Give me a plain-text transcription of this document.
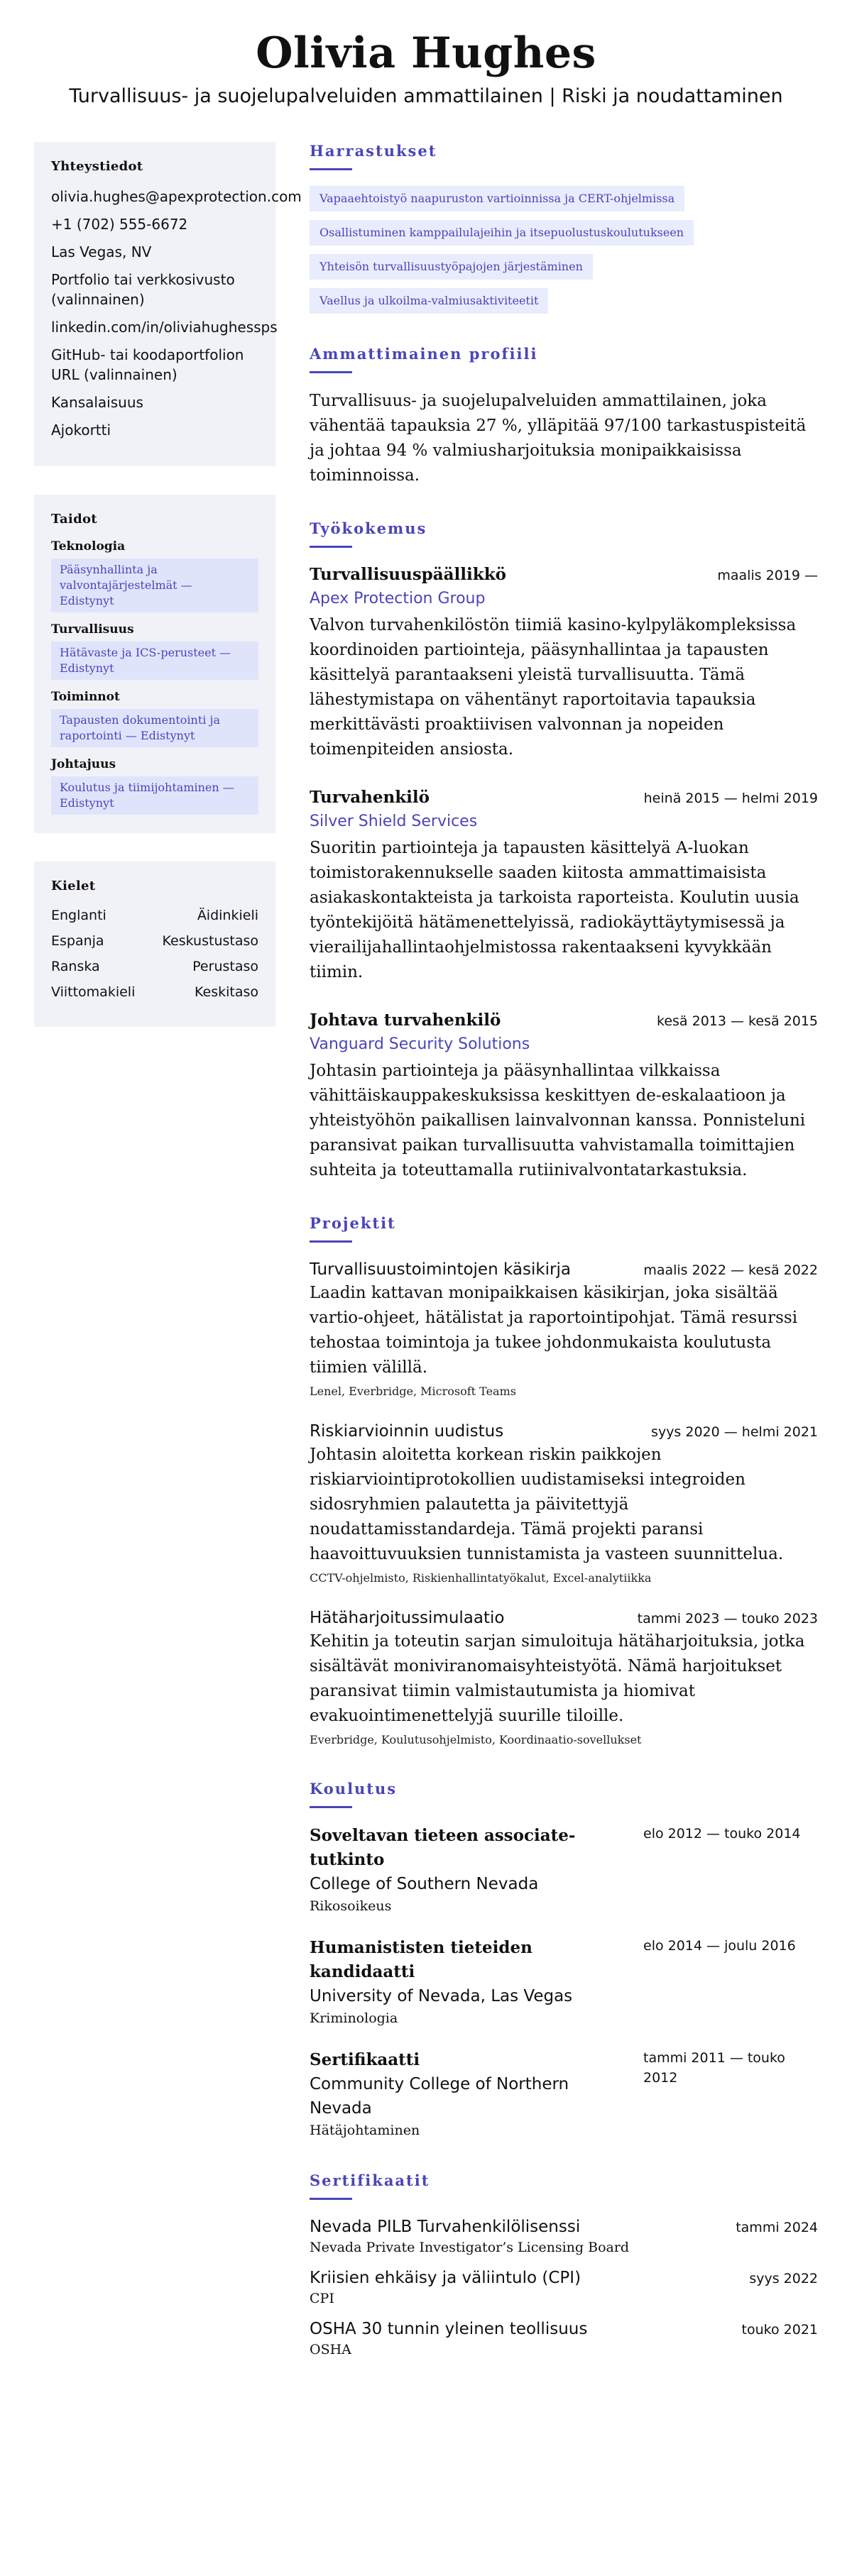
Olivia Hughes
Turvallisuus- ja suojelupalveluiden ammattilainen | Riski ja noudattaminen
Yhteystiedot
olivia.hughes@apexprotection.com
+1 (702) 555-6672
Las Vegas, NV
Portfolio tai verkkosivusto (valinnainen)
linkedin.com/in/oliviahughessps
GitHub- tai koodaportfolion URL (valinnainen)
Kansalaisuus
Ajokortti
Taidot
Teknologia
Pääsynhallinta ja valvontajärjestelmät — Edistynyt
Turvallisuus
Hätävaste ja ICS-perusteet — Edistynyt
Toiminnot
Tapausten dokumentointi ja raportointi — Edistynyt
Johtajuus
Koulutus ja tiimijohtaminen — Edistynyt
Kielet
Englanti	Äidinkieli
Espanja	Keskustustaso
Ranska	Perustaso
Viittomakieli	Keskitaso
Harrastukset
Vapaaehtoistyö naapuruston vartioinnissa ja CERT-ohjelmissa
Osallistuminen kamppailulajeihin ja itsepuolustuskoulutukseen
Yhteisön turvallisuustyöpajojen järjestäminen
Vaellus ja ulkoilma-valmiusaktiviteetit
Ammattimainen profiili

Turvallisuus- ja suojelupalveluiden ammattilainen, joka vähentää tapauksia 27 %, ylläpitää 97/100 tarkastuspisteitä ja johtaa 94 % valmiusharjoituksia monipaikkaisissa toiminnoissa.

Työkokemus
Turvallisuuspäällikkö	maalis 2019 —
Apex Protection Group

Valvon turvahenkilöstön tiimiä kasino-kylpyläkompleksissa koordinoiden partiointeja, pääsynhallintaa ja tapausten käsittelyä parantaakseni yleistä turvallisuutta. Tämä lähestymistapa on vähentänyt raportoitavia tapauksia merkittävästi proaktiivisen valvonnan ja nopeiden toimenpiteiden ansiosta.

Turvahenkilö	heinä 2015 — helmi 2019
Silver Shield Services

Suoritin partiointeja ja tapausten käsittelyä A-luokan toimistorakennukselle saaden kiitosta ammattimaisista asiakaskontakteista ja tarkoista raporteista. Koulutin uusia työntekijöitä hätämenettelyissä, radiokäyttäytymisessä ja vierailijahallintaohjelmistossa rakentaakseni kyvykkään tiimin.

Johtava turvahenkilö	kesä 2013 — kesä 2015
Vanguard Security Solutions

Johtasin partiointeja ja pääsynhallintaa vilkkaissa vähittäiskauppakeskuksissa keskittyen de-eskalaatioon ja yhteistyöhön paikallisen lainvalvonnan kanssa. Ponnisteluni paransivat paikan turvallisuutta vahvistamalla toimittajien suhteita ja toteuttamalla rutiinivalvontatarkastuksia.

Projektit
Turvallisuustoimintojen käsikirja	maalis 2022 — kesä 2022

Laadin kattavan monipaikkaisen käsikirjan, joka sisältää vartio-ohjeet, hätälistat ja raportointipohjat. Tämä resurssi tehostaa toimintoja ja tukee johdonmukaista koulutusta tiimien välillä.

Lenel, Everbridge, Microsoft Teams
Riskiarvioinnin uudistus	syys 2020 — helmi 2021

Johtasin aloitetta korkean riskin paikkojen riskiarviointiprotokollien uudistamiseksi integroiden sidosryhmien palautetta ja päivitettyjä noudattamisstandardeja. Tämä projekti paransi haavoittuvuuksien tunnistamista ja vasteen suunnittelua.

CCTV-ohjelmisto, Riskienhallintatyökalut, Excel-analytiikka
Hätäharjoitussimulaatio	tammi 2023 — touko 2023

Kehitin ja toteutin sarjan simuloituja hätäharjoituksia, jotka sisältävät moniviranomaisyhteistyötä. Nämä harjoitukset paransivat tiimin valmistautumista ja hiomivat evakuointimenettelyjä suurille tiloille.

Everbridge, Koulutusohjelmisto, Koordinaatio-sovellukset
Koulutus
Soveltavan tieteen associate-tutkinto
College of Southern Nevada
Rikosoikeus
elo 2012 — touko 2014
Humanististen tieteiden kandidaatti
University of Nevada, Las Vegas
Kriminologia
elo 2014 — joulu 2016
Sertifikaatti
Community College of Northern Nevada
Hätäjohtaminen
tammi 2011 — touko 2012
Sertifikaatit
Nevada PILB Turvahenkilölisenssi	tammi 2024
Nevada Private Investigator’s Licensing Board
Kriisien ehkäisy ja väliintulo (CPI)	syys 2022
CPI
OSHA 30 tunnin yleinen teollisuus	touko 2021
OSHA
